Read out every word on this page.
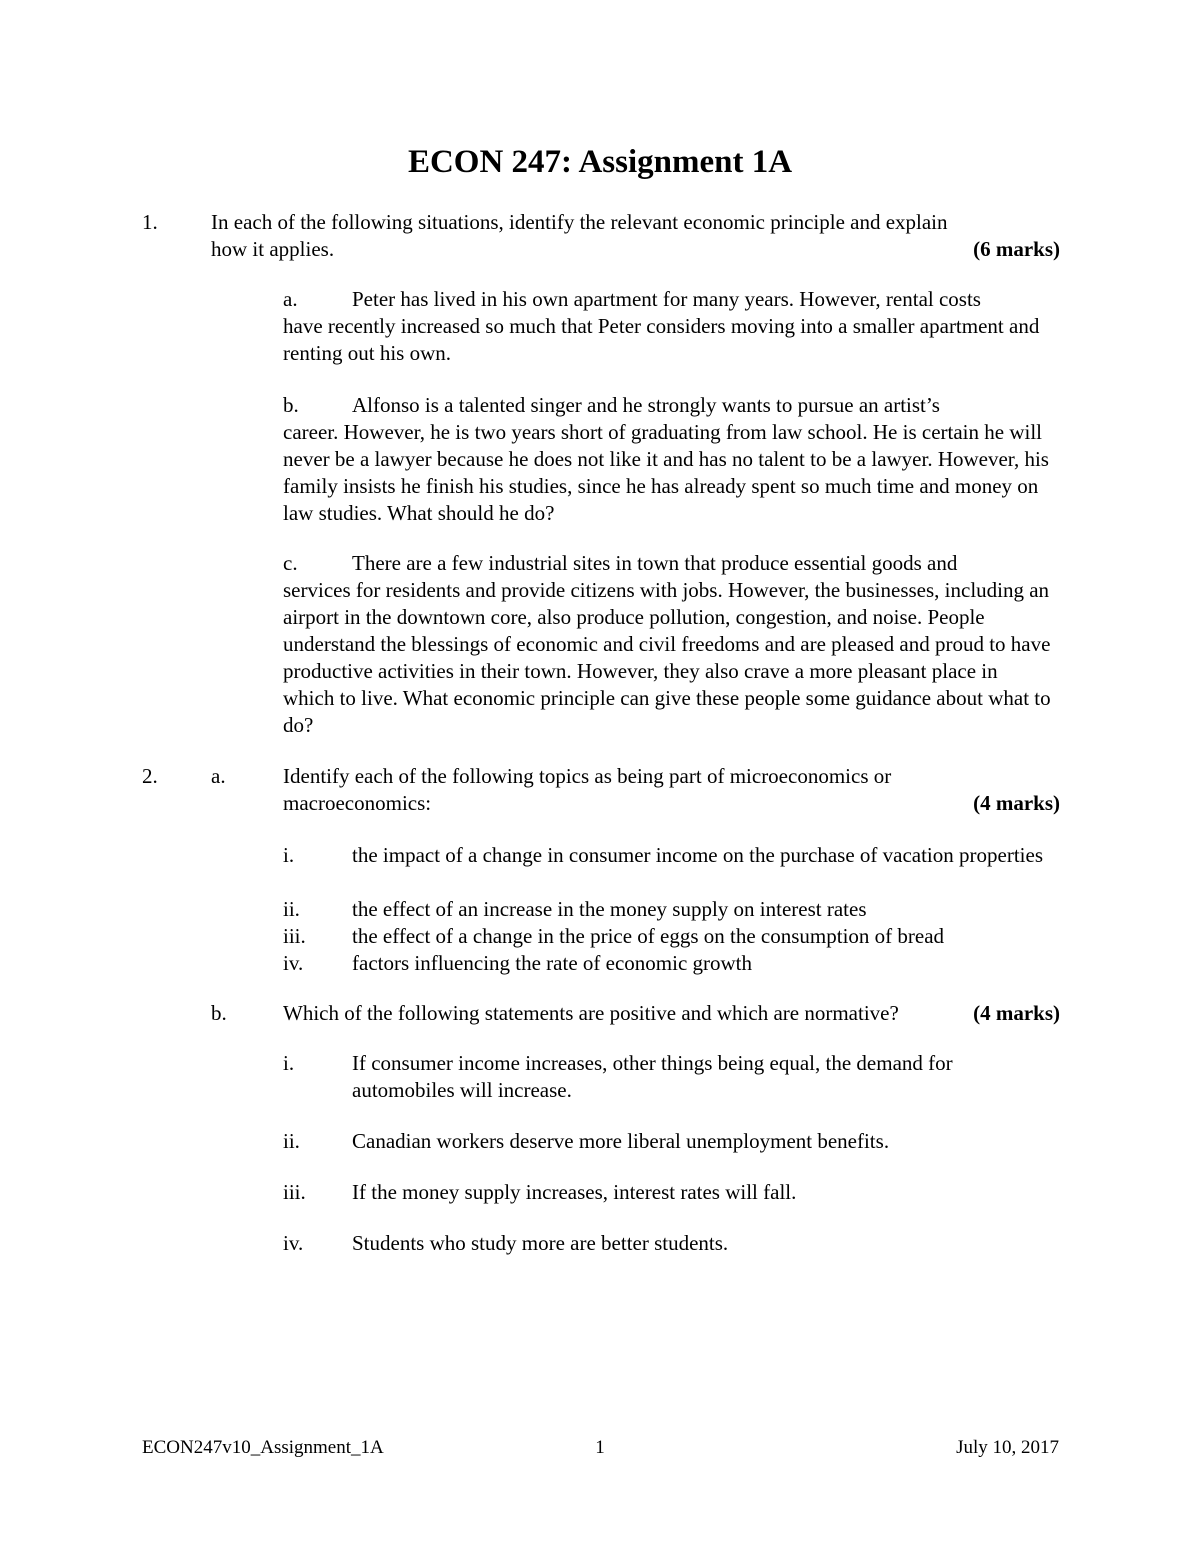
ECON 247: Assignment 1A
1.	In each of the following situations, identify the relevant economic principle and explain
how it applies.	(6 marks)
a.	Peter has lived in his own apartment for many years. However, rental costs
have recently increased so much that Peter considers moving into a smaller apartment and renting out his own.
b.	Alfonso is a talented singer and he strongly wants to pursue an artist’s
career. However, he is two years short of graduating from law school. He is certain he will never be a lawyer because he does not like it and has no talent to be a lawyer. However, his family insists he finish his studies, since he has already spent so much time and money on law studies. What should he do?
c.	There are a few industrial sites in town that produce essential goods and
services for residents and provide citizens with jobs. However, the businesses, including an airport in the downtown core, also produce pollution, congestion, and noise. People understand the blessings of economic and civil freedoms and are pleased and proud to have productive activities in their town. However, they also crave a more pleasant place in which to live. What economic principle can give these people some guidance about what to do?
2.	a.	Identify each of the following topics as being part of microeconomics or
macroeconomics:	(4 marks)
i.	the impact of a change in consumer income on the purchase of vacation properties
ii. the effect of an increase in the money supply on interest rates
iii. the effect of a change in the price of eggs on the consumption of bread
iv. factors influencing the rate of economic growth
b.	Which of the following statements are positive and which are normative?	(4 marks)
i.	If consumer income increases, other things being equal, the demand for automobiles will increase.
ii. Canadian workers deserve more liberal unemployment benefits.
iii. If the money supply increases, interest rates will fall.
iv. Students who study more are better students.
ECON247v10_Assignment_1A	1	July 10, 2017
